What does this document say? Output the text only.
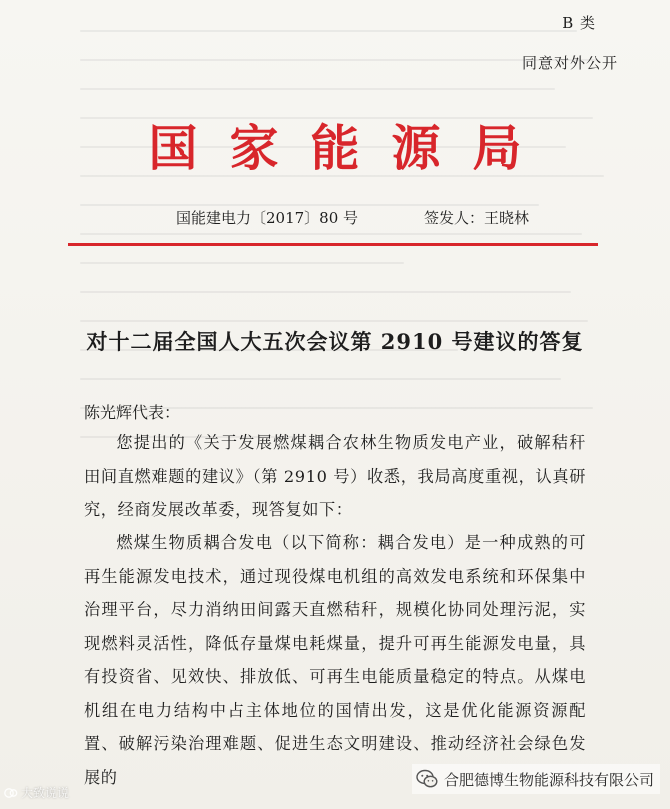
B 类
同意对外公开
国家能源局
国能建电力〔2017〕80 号	签发人：王晓林
对十二届全国人大五次会议第 2910 号建议的答复
陈光辉代表：

您提出的《关于发展燃煤耦合农林生物质发电产业，破解秸秆田间直燃难题的建议》（第 2910 号）收悉，我局高度重视，认真研究，经商发展改革委，现答复如下：

燃煤生物质耦合发电（以下简称：耦合发电）是一种成熟的可再生能源发电技术，通过现役煤电机组的高效发电系统和环保集中治理平台，尽力消纳田间露天直燃秸秆，规模化协同处理污泥，实现燃料灵活性，降低存量煤电耗煤量，提升可再生能源发电量，具有投资省、见效快、排放低、可再生电能质量稳定的特点。从煤电机组在电力结构中占主体地位的国情出发，这是优化能源资源配置、破解污染治理难题、促进生态文明建设、推动经济社会绿色发展的	合肥德博生物能源科技有限公司
大致说说
